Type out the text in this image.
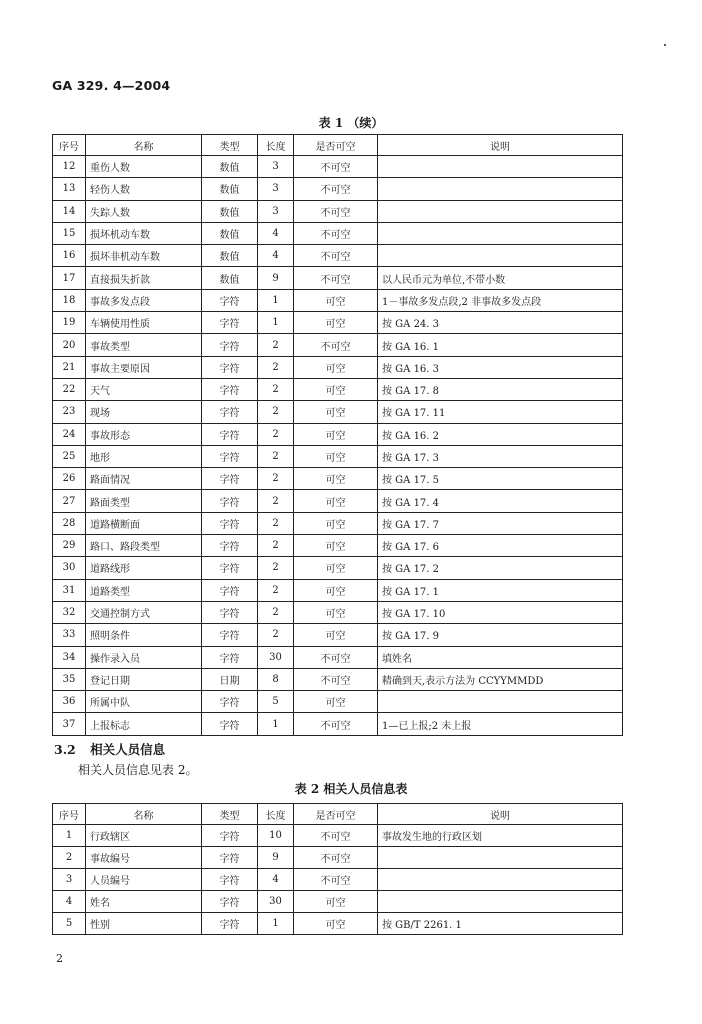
GA 329. 4—2004
表 1 （续）
序号	名称	类型	长度	是否可空	说明
12	重伤人数	数值	3	不可空	
13	轻伤人数	数值	3	不可空	
14	失踪人数	数值	3	不可空	
15	损坏机动车数	数值	4	不可空	
16	损坏非机动车数	数值	4	不可空	
17	直接损失折款	数值	9	不可空	以人民币元为单位,不带小数
18	事故多发点段	字符	1	可空	1－事故多发点段,2 非事故多发点段
19	车辆使用性质	字符	1	可空	按 GA 24. 3
20	事故类型	字符	2	不可空	按 GA 16. 1
21	事故主要原因	字符	2	可空	按 GA 16. 3
22	天气	字符	2	可空	按 GA 17. 8
23	现场	字符	2	可空	按 GA 17. 11
24	事故形态	字符	2	可空	按 GA 16. 2
25	地形	字符	2	可空	按 GA 17. 3
26	路面情况	字符	2	可空	按 GA 17. 5
27	路面类型	字符	2	可空	按 GA 17. 4
28	道路横断面	字符	2	可空	按 GA 17. 7
29	路口、路段类型	字符	2	可空	按 GA 17. 6
30	道路线形	字符	2	可空	按 GA 17. 2
31	道路类型	字符	2	可空	按 GA 17. 1
32	交通控制方式	字符	2	可空	按 GA 17. 10
33	照明条件	字符	2	可空	按 GA 17. 9
34	操作录入员	字符	30	不可空	填姓名
35	登记日期	日期	8	不可空	精确到天,表示方法为 CCYYMMDD
36	所属中队	字符	5	可空	
37	上报标志	字符	1	不可空	1—已上报;2 未上报
3.2 相关人员信息
相关人员信息见表 2。
表 2 相关人员信息表
序号	名称	类型	长度	是否可空	说明
1	行政辖区	字符	10	不可空	事故发生地的行政区划
2	事故编号	字符	9	不可空	
3	人员编号	字符	4	不可空	
4	姓名	字符	30	可空	
5	性别	字符	1	可空	按 GB/T 2261. 1
2
